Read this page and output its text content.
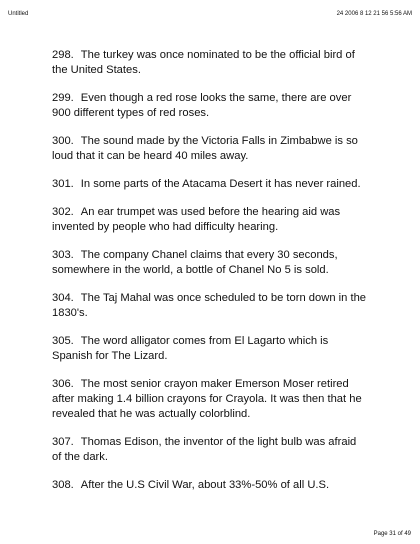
Untitled	24 2006 8 12 21 56 5:56 AM

298. The turkey was once nominated to be the official bird of the United States.

299. Even though a red rose looks the same, there are over 900 different types of red roses.

300. The sound made by the Victoria Falls in Zimbabwe is so loud that it can be heard 40 miles away.

301. In some parts of the Atacama Desert it has never rained.

302. An ear trumpet was used before the hearing aid was invented by people who had difficulty hearing.

303. The company Chanel claims that every 30 seconds, somewhere in the world, a bottle of Chanel No 5 is sold.

304. The Taj Mahal was once scheduled to be torn down in the 1830's.

305. The word alligator comes from El Lagarto which is Spanish for The Lizard.

306. The most senior crayon maker Emerson Moser retired after making 1.4 billion crayons for Crayola. It was then that he revealed that he was actually colorblind.

307. Thomas Edison, the inventor of the light bulb was afraid of the dark.

308. After the U.S Civil War, about 33%-50% of all U.S.

Page 31 of 49
